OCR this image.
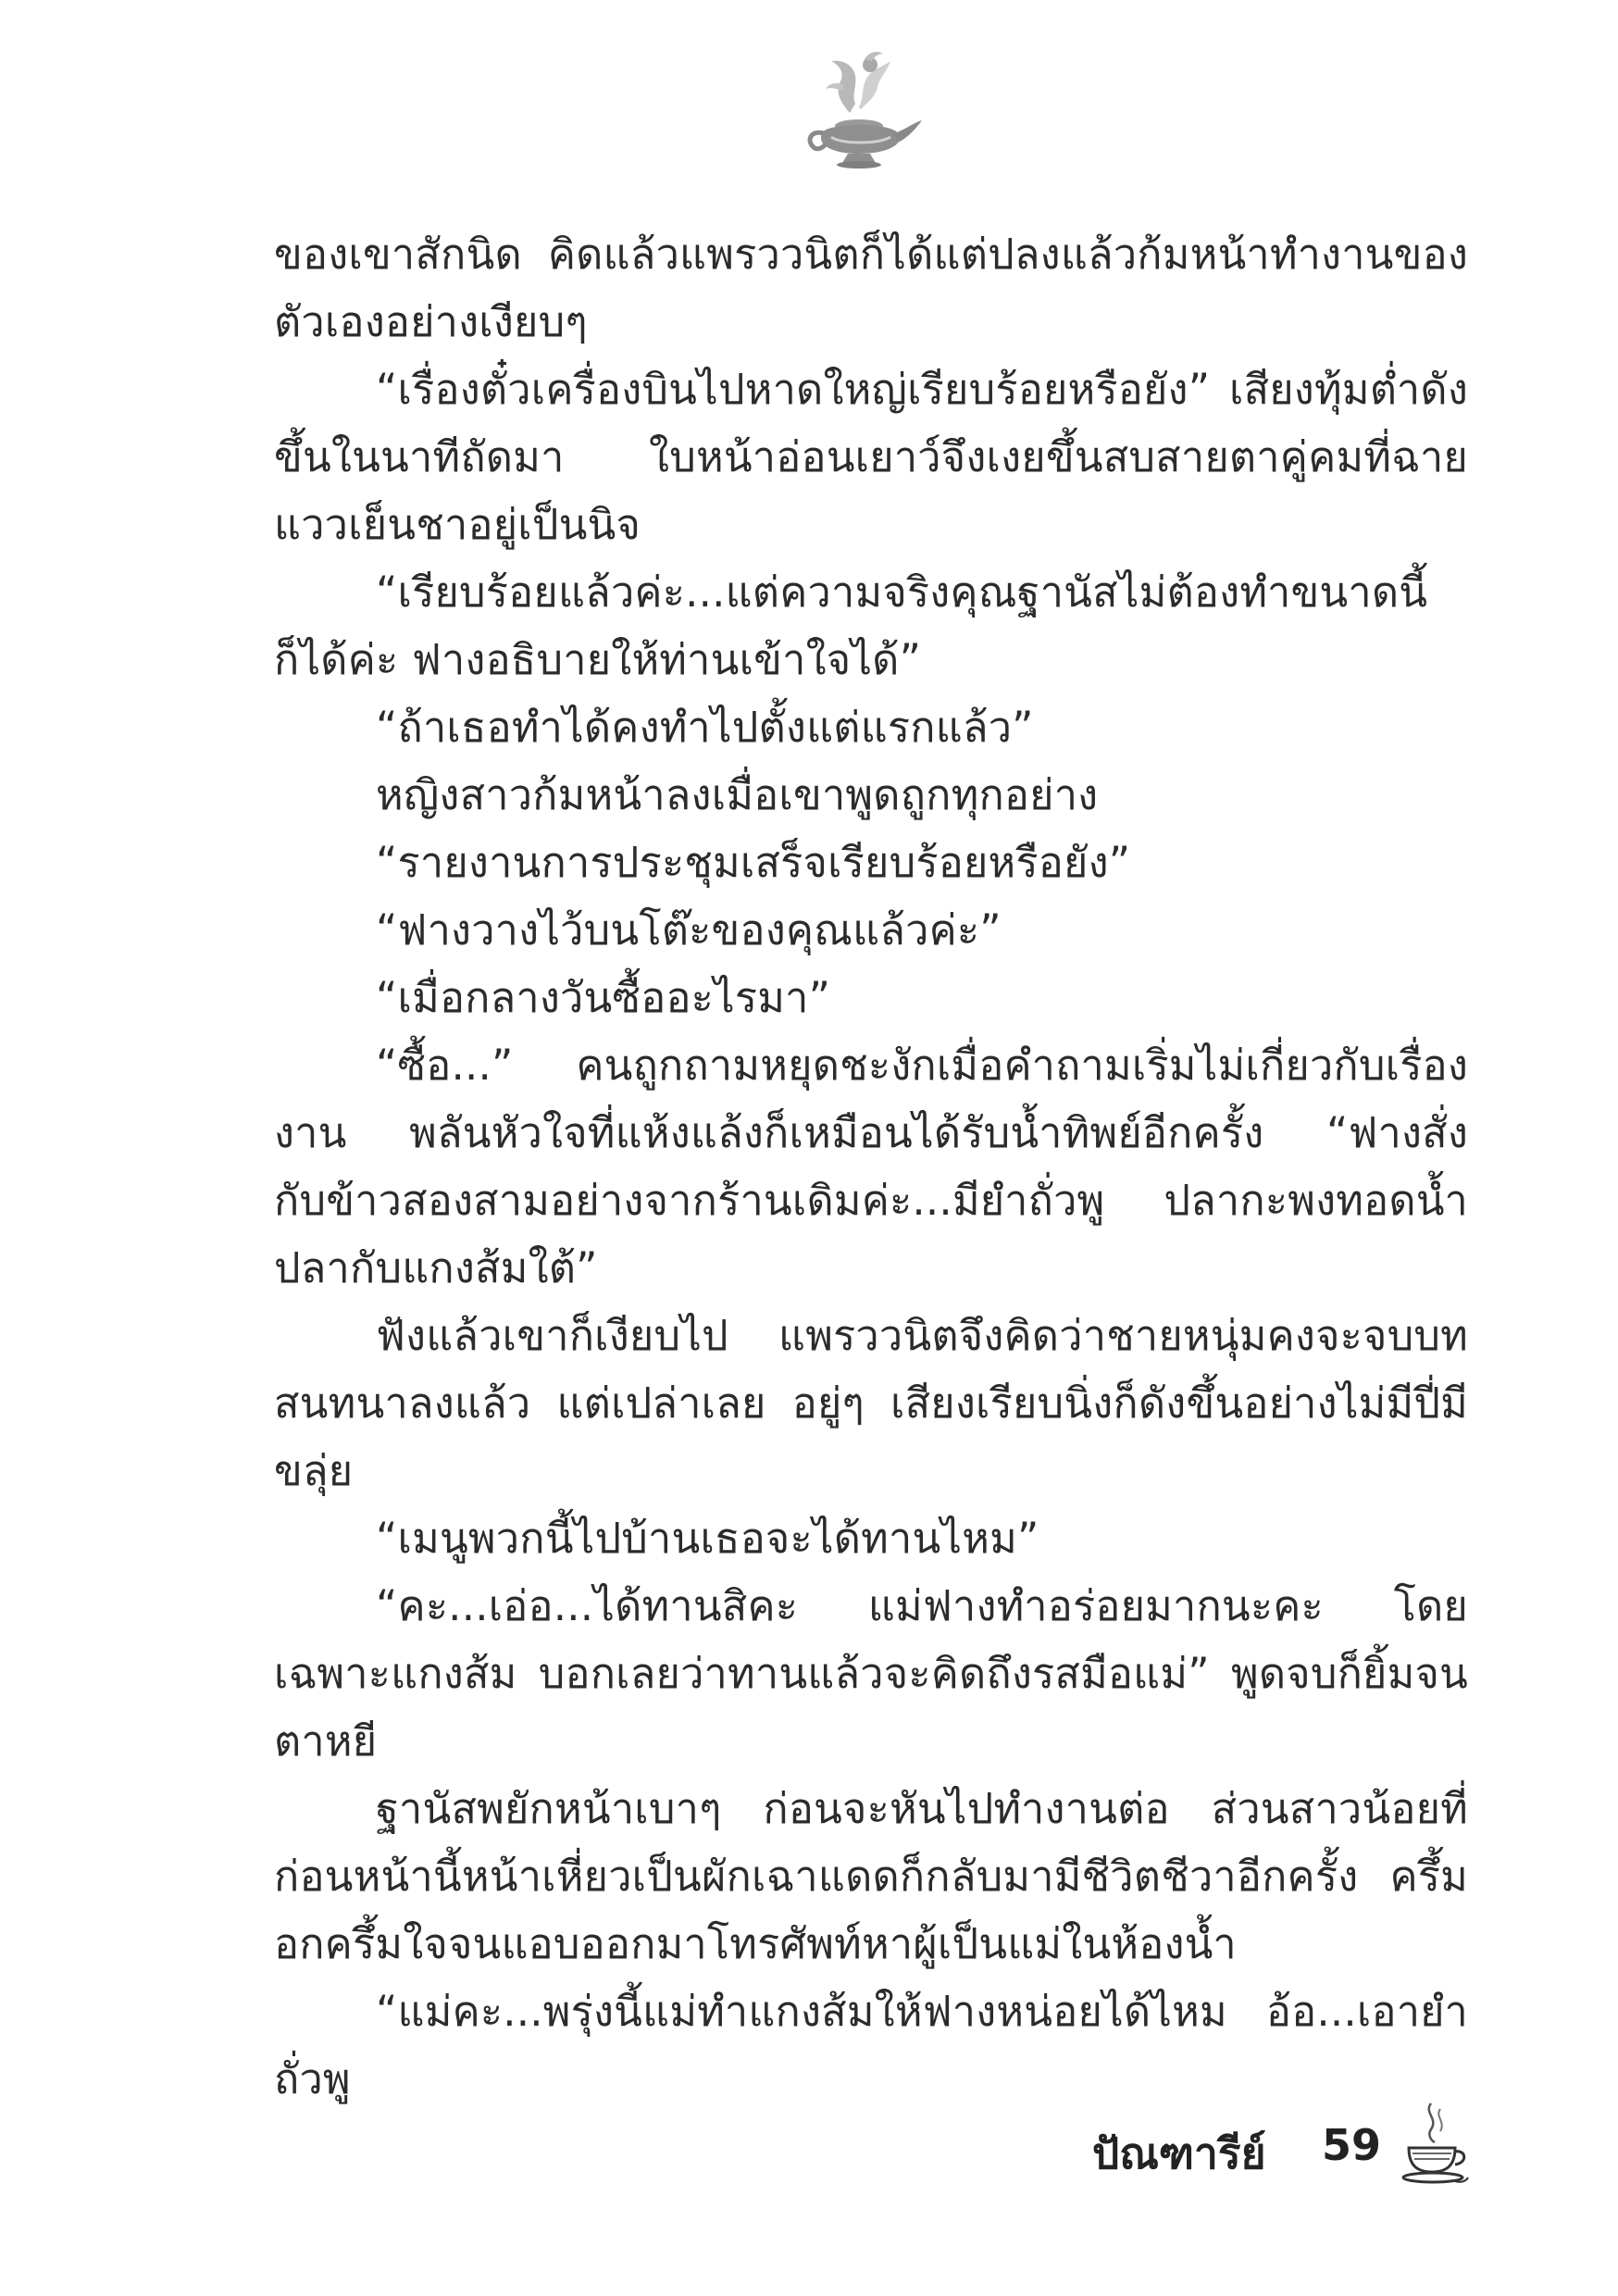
ของเขาสักนิด คิดแล้วแพรววนิตก็ได้แต่ปลงแล้วก้มหน้าทำงานของตัวเองอย่างเงียบๆ

“เรื่องตั๋วเครื่องบินไปหาดใหญ่เรียบร้อยหรือยัง” เสียงทุ้มต่ำดังขึ้นในนาทีถัดมา ใบหน้าอ่อนเยาว์จึงเงยขึ้นสบสายตาคู่คมที่ฉายแววเย็นชาอยู่เป็นนิจ

“เรียบร้อยแล้วค่ะ...แต่ความจริงคุณฐานัสไม่ต้องทำขนาดนี้ก็ได้ค่ะ ฟางอธิบายให้ท่านเข้าใจได้”

“ถ้าเธอทำได้คงทำไปตั้งแต่แรกแล้ว”

หญิงสาวก้มหน้าลงเมื่อเขาพูดถูกทุกอย่าง

“รายงานการประชุมเสร็จเรียบร้อยหรือยัง”

“ฟางวางไว้บนโต๊ะของคุณแล้วค่ะ”

“เมื่อกลางวันซื้ออะไรมา”

“ซื้อ...” คนถูกถามหยุดชะงักเมื่อคำถามเริ่มไม่เกี่ยวกับเรื่องงาน พลันหัวใจที่แห้งแล้งก็เหมือนได้รับน้ำทิพย์อีกครั้ง “ฟางสั่งกับข้าวสองสามอย่างจากร้านเดิมค่ะ...มียำถั่วพู ปลากะพงทอดน้ำปลากับแกงส้มใต้”

ฟังแล้วเขาก็เงียบไป แพรววนิตจึงคิดว่าชายหนุ่มคงจะจบบทสนทนาลงแล้ว แต่เปล่าเลย อยู่ๆ เสียงเรียบนิ่งก็ดังขึ้นอย่างไม่มีปี่มีขลุ่ย

“เมนูพวกนี้ไปบ้านเธอจะได้ทานไหม”

“คะ...เอ่อ...ได้ทานสิคะ แม่ฟางทำอร่อยมากนะคะ โดยเฉพาะแกงส้ม บอกเลยว่าทานแล้วจะคิดถึงรสมือแม่” พูดจบก็ยิ้มจนตาหยี

ฐานัสพยักหน้าเบาๆ ก่อนจะหันไปทำงานต่อ ส่วนสาวน้อยที่ก่อนหน้านี้หน้าเหี่ยวเป็นผักเฉาแดดก็กลับมามีชีวิตชีวาอีกครั้ง ครึ้มอกครึ้มใจจนแอบออกมาโทรศัพท์หาผู้เป็นแม่ในห้องน้ำ

“แม่คะ...พรุ่งนี้แม่ทำแกงส้มให้ฟางหน่อยได้ไหม อ้อ...เอายำถั่วพู

ปัณฑารีย์ 59
